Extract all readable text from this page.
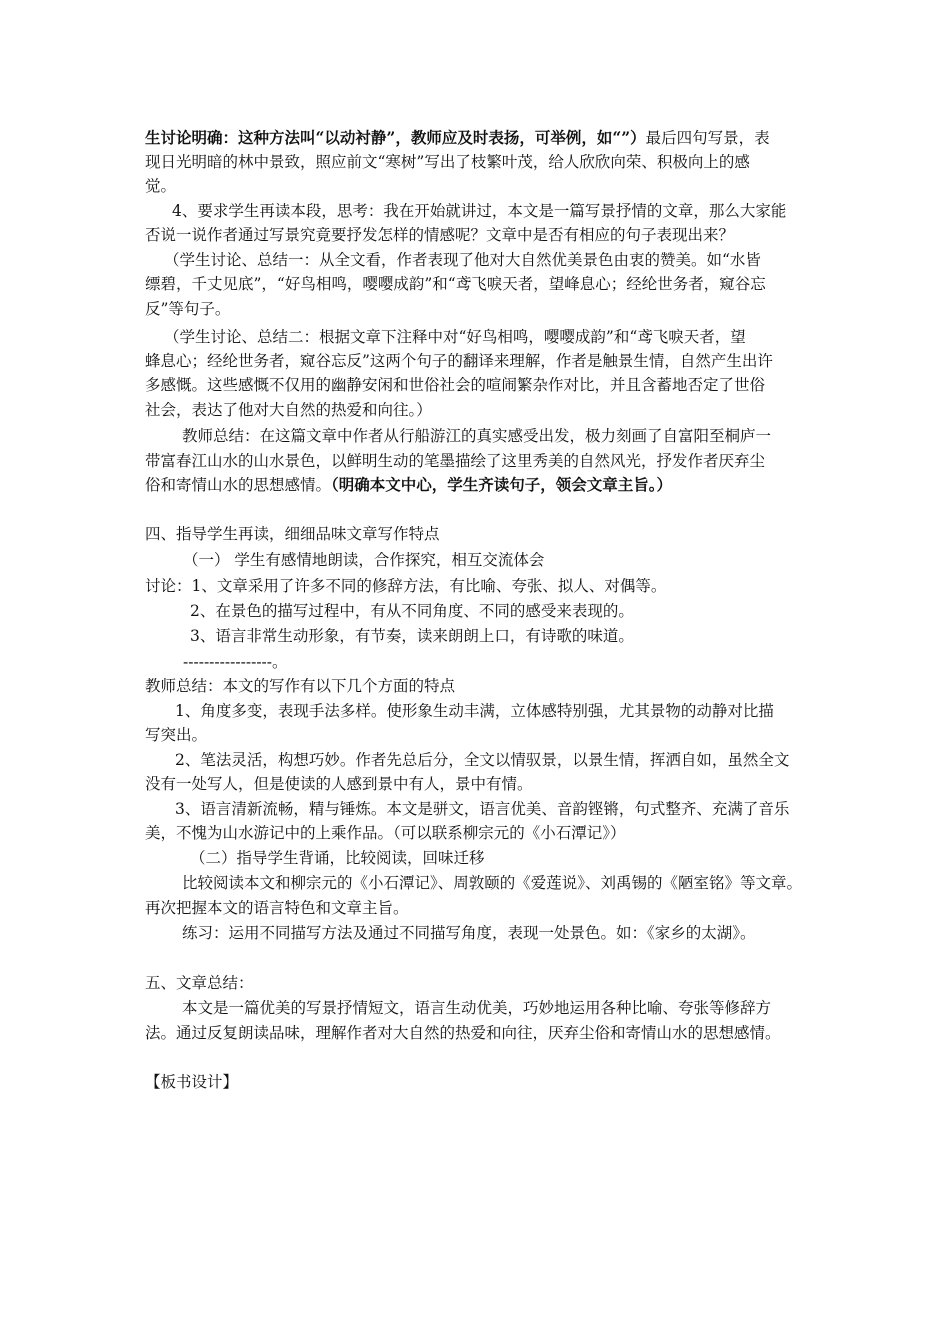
生讨论明确：这种方法叫“以动衬静”，教师应及时表扬，可举例，如“”）最后四句写景，表
现日光明暗的林中景致，照应前文“寒树”写出了枝繁叶茂，给人欣欣向荣、积极向上的感
觉。
4、要求学生再读本段，思考：我在开始就讲过，本文是一篇写景抒情的文章，那么大家能
否说一说作者通过写景究竟要抒发怎样的情感呢？文章中是否有相应的句子表现出来？
（学生讨论、总结一：从全文看，作者表现了他对大自然优美景色由衷的赞美。如“水皆
缥碧，千丈见底”，“好鸟相鸣，嘤嘤成韵”和“鸢飞唳天者，望峰息心；经纶世务者，窥谷忘
反”等句子。
（学生讨论、总结二：根据文章下注释中对“好鸟相鸣，嘤嘤成韵”和“鸢飞唳天者，望
蜂息心；经纶世务者，窥谷忘反”这两个句子的翻译来理解，作者是触景生情，自然产生出许
多感慨。这些感慨不仅用的幽静安闲和世俗社会的喧闹繁杂作对比，并且含蓄地否定了世俗
社会，表达了他对大自然的热爱和向往。）
教师总结：在这篇文章中作者从行船游江的真实感受出发，极力刻画了自富阳至桐庐一
带富春江山水的山水景色，以鲜明生动的笔墨描绘了这里秀美的自然风光，抒发作者厌弃尘
俗和寄情山水的思想感情。（明确本文中心，学生齐读句子，领会文章主旨。）
四、指导学生再读，细细品味文章写作特点
（一） 学生有感情地朗读，合作探究，相互交流体会
讨论：1、文章采用了许多不同的修辞方法，有比喻、夸张、拟人、对偶等。
2、在景色的描写过程中，有从不同角度、不同的感受来表现的。
3、语言非常生动形象，有节奏，读来朗朗上口，有诗歌的味道。
-----------------。
教师总结：本文的写作有以下几个方面的特点
1、角度多变，表现手法多样。使形象生动丰满，立体感特别强，尤其景物的动静对比描
写突出。
2、笔法灵活，构想巧妙。作者先总后分，全文以情驭景，以景生情，挥洒自如，虽然全文
没有一处写人，但是使读的人感到景中有人，景中有情。
3、语言清新流畅，精与锤炼。本文是骈文，语言优美、音韵铿锵，句式整齐、充满了音乐
美，不愧为山水游记中的上乘作品。（可以联系柳宗元的《小石潭记》）
（二）指导学生背诵，比较阅读，回味迁移
比较阅读本文和柳宗元的《小石潭记》、周敦颐的《爱莲说》、刘禹锡的《陋室铭》等文章。
再次把握本文的语言特色和文章主旨。
练习：运用不同描写方法及通过不同描写角度，表现一处景色。如：《家乡的太湖》。
五、文章总结：
本文是一篇优美的写景抒情短文，语言生动优美，巧妙地运用各种比喻、夸张等修辞方
法。通过反复朗读品味，理解作者对大自然的热爱和向往，厌弃尘俗和寄情山水的思想感情。
【板书设计】
